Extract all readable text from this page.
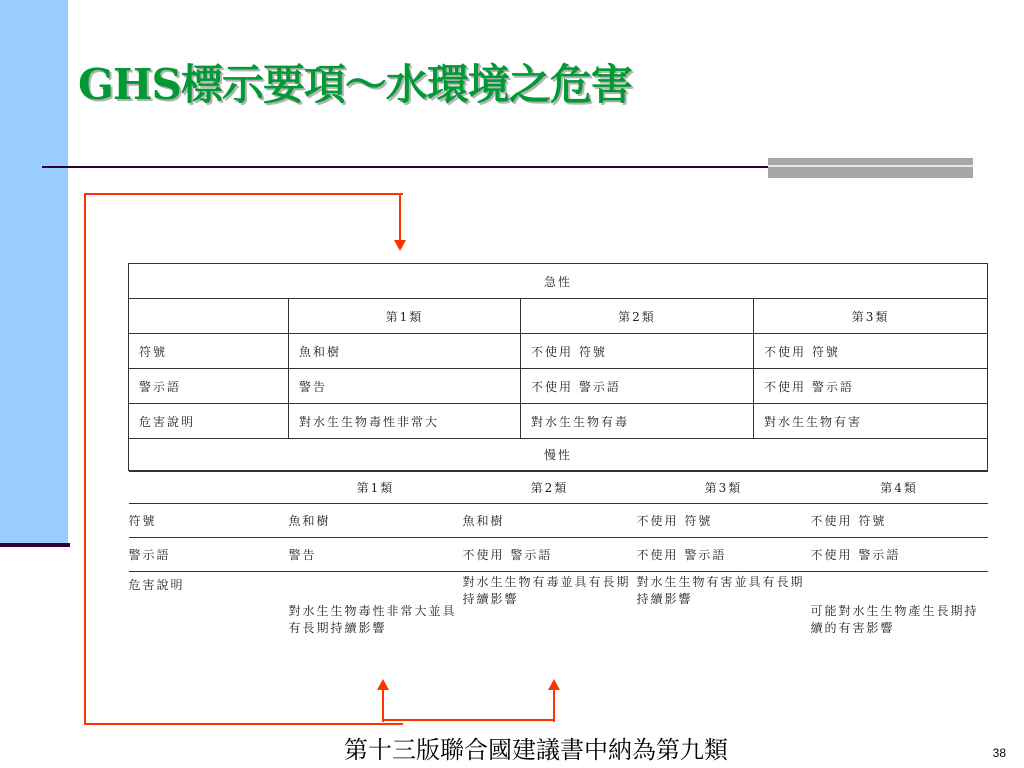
GHS標示要項～水環境之危害
急性
	第1類	第2類	第3類
符號	魚和樹	不使用 符號	不使用 符號
警示語	警告	不使用 警示語	不使用 警示語
危害說明	對水生生物毒性非常大	對水生生物有毒	對水生生物有害
慢性

	第1類	第2類	第3類	第4類
符號	魚和樹	魚和樹	不使用 符號	不使用 符號
警示語	警告	不使用 警示語	不使用 警示語	不使用 警示語
危害說明	對水生生物毒性非常大並具有長期持續影響	對水生生物有毒並具有長期持續影響	對水生生物有害並具有長期持續影響	可能對水生生物產生長期持續的有害影響

第十三版聯合國建議書中納為第九類	38
